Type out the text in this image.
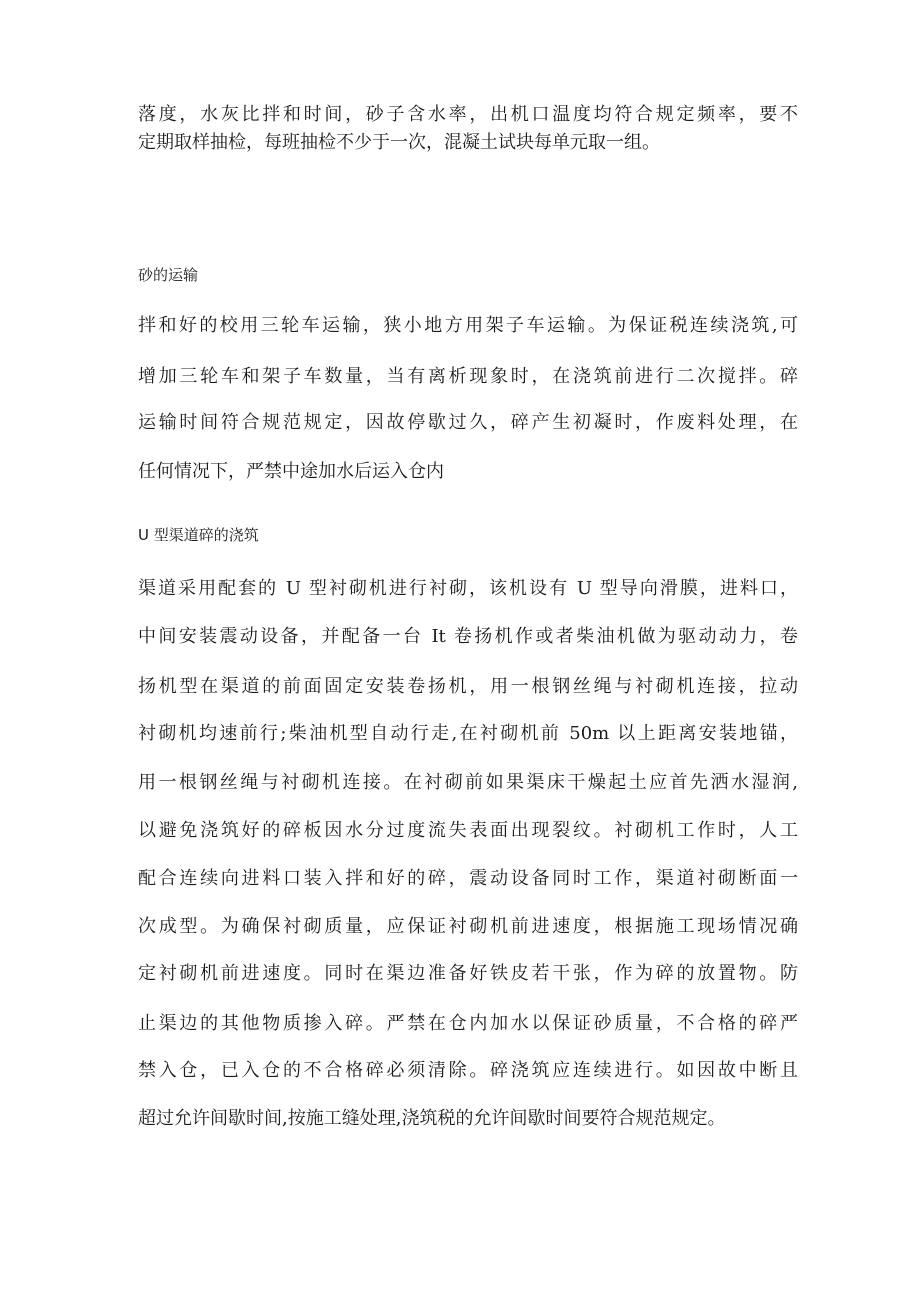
落度，水灰比拌和时间，砂子含水率，出机口温度均符合规定频率，要不
定期取样抽检，每班抽检不少于一次，混凝土试块每单元取一组。
砂的运输
拌和好的校用三轮车运输，狭小地方用架子车运输。为保证税连续浇筑,可
增加三轮车和架子车数量，当有离析现象时，在浇筑前进行二次搅拌。碎
运输时间符合规范规定，因故停歇过久，碎产生初凝时，作废料处理，在
任何情况下，严禁中途加水后运入仓内
U 型渠道碎的浇筑
渠道采用配套的 U 型衬砌机进行衬砌，该机设有 U 型导向滑膜，进料口，
中间安装震动设备，并配备一台 It 卷扬机作或者柴油机做为驱动动力，卷
扬机型在渠道的前面固定安装卷扬机，用一根钢丝绳与衬砌机连接，拉动
衬砌机均速前行;柴油机型自动行走,在衬砌机前 50m 以上距离安装地锚，
用一根钢丝绳与衬砌机连接。在衬砌前如果渠床干燥起土应首先洒水湿润,
以避免浇筑好的碎板因水分过度流失表面出现裂纹。衬砌机工作时，人工
配合连续向进料口装入拌和好的碎，震动设备同时工作，渠道衬砌断面一
次成型。为确保衬砌质量，应保证衬砌机前进速度，根据施工现场情况确
定衬砌机前进速度。同时在渠边准备好铁皮若干张，作为碎的放置物。防
止渠边的其他物质掺入碎。严禁在仓内加水以保证砂质量，不合格的碎严
禁入仓，已入仓的不合格碎必须清除。碎浇筑应连续进行。如因故中断且
超过允许间歇时间,按施工缝处理,浇筑税的允许间歇时间要符合规范规定。
